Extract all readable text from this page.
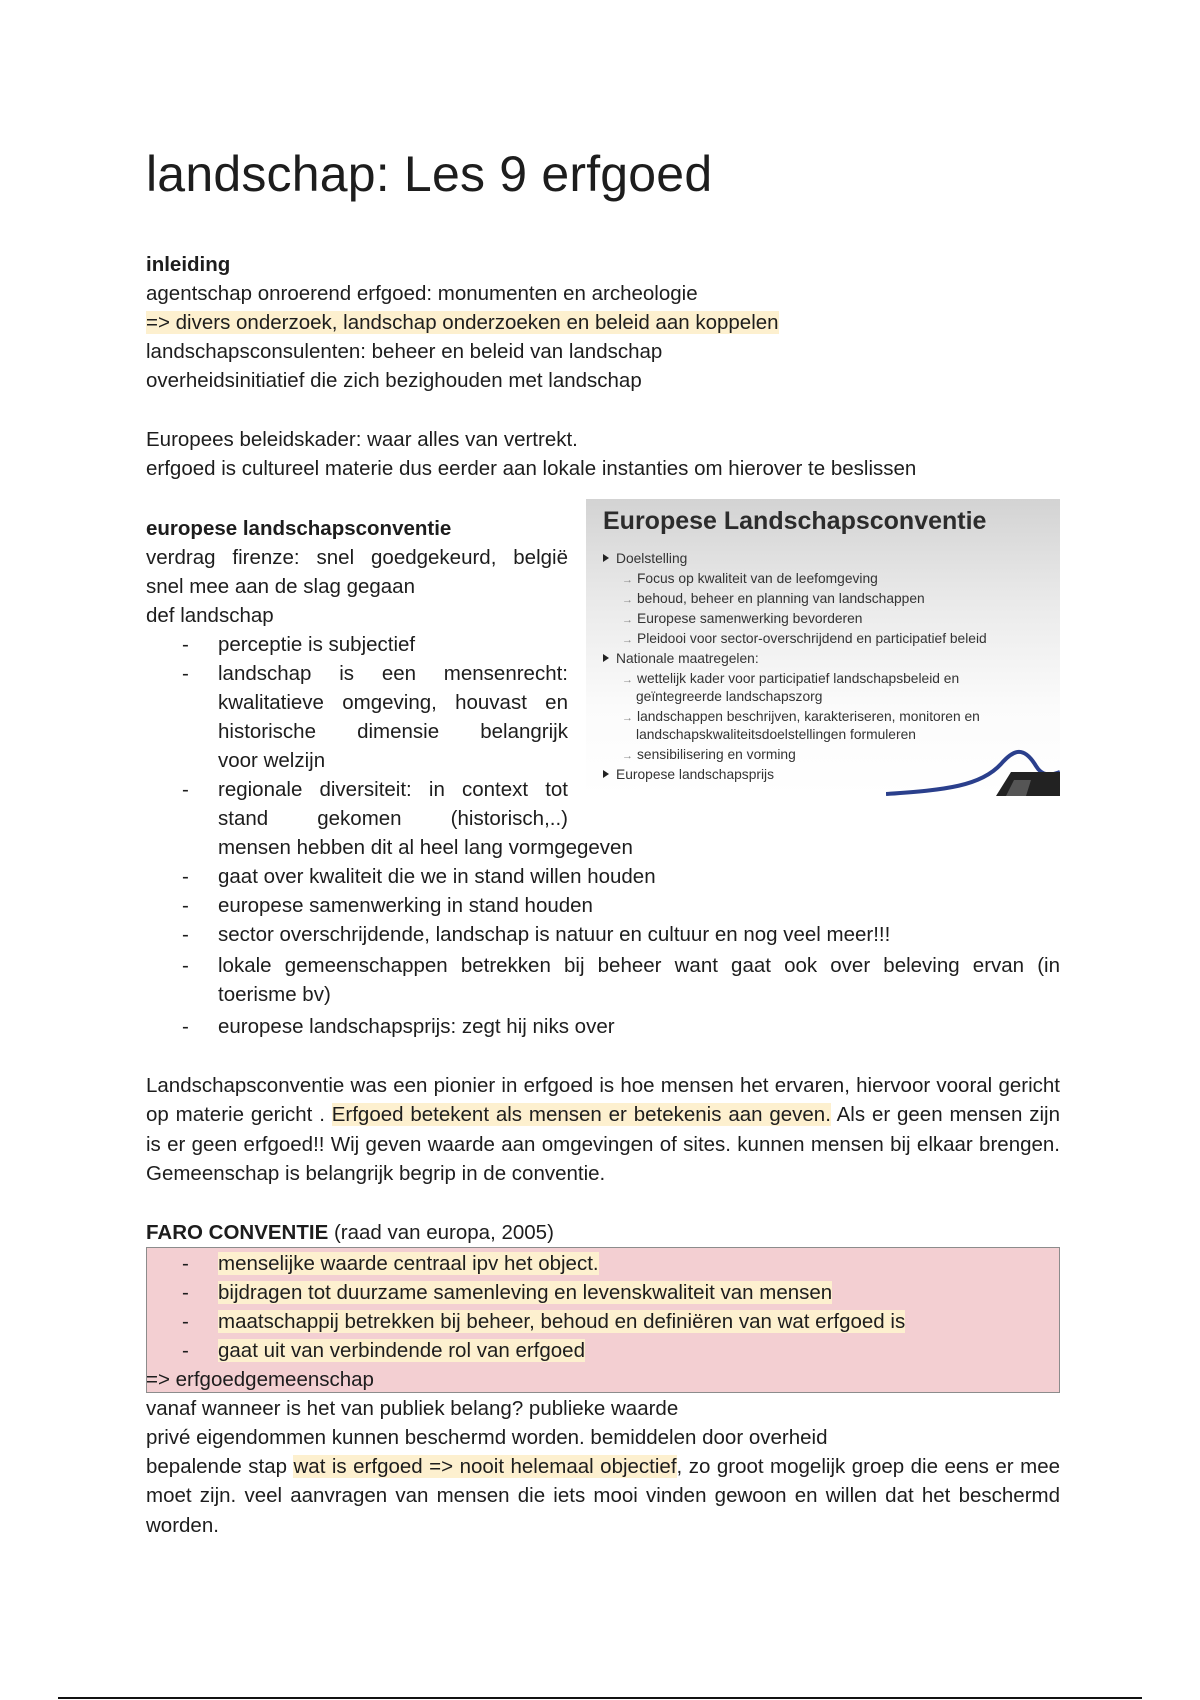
landschap: Les 9 erfgoed
inleiding
agentschap onroerend erfgoed: monumenten en archeologie
=> divers onderzoek, landschap onderzoeken en beleid aan koppelen
landschapsconsulenten: beheer en beleid van landschap
overheidsinitiatief die zich bezighouden met landschap
Europees beleidskader: waar alles van vertrekt.
erfgoed is cultureel materie dus eerder aan lokale instanties om hierover te beslissen
europese landschapsconventie
verdrag firenze: snel goedgekeurd, belgië
snel mee aan de slag gegaan
def landschap
- perceptie is subjectief
- landschap is een mensenrecht:
kwalitatieve omgeving, houvast en
historische dimensie belangrijk
voor welzijn
- regionale diversiteit: in context tot
stand gekomen (historisch,..)
mensen hebben dit al heel lang vormgegeven
- gaat over kwaliteit die we in stand willen houden
- europese samenwerking in stand houden
- sector overschrijdende, landschap is natuur en cultuur en nog veel meer!!!
- lokale gemeenschappen betrekken bij beheer want gaat ook over beleving ervan (in
toerisme bv)
- europese landschapsprijs: zegt hij niks over
Europese Landschapsconventie
Doelstelling
→ Focus op kwaliteit van de leefomgeving
→ behoud, beheer en planning van landschappen
→ Europese samenwerking bevorderen
→ Pleidooi voor sector-overschrijdend en participatief beleid
Nationale maatregelen:
→ wettelijk kader voor participatief landschapsbeleid en
geïntegreerde landschapszorg
→ landschappen beschrijven, karakteriseren, monitoren en
landschapskwaliteitsdoelstellingen formuleren
→ sensibilisering en vorming
Europese landschapsprijs

Landschapsconventie was een pionier in erfgoed is hoe mensen het ervaren, hiervoor vooral gericht op materie gericht . Erfgoed betekent als mensen er betekenis aan geven. Als er geen mensen zijn is er geen erfgoed!! Wij geven waarde aan omgevingen of sites. kunnen mensen bij elkaar brengen. Gemeenschap is belangrijk begrip in de conventie.

FARO CONVENTIE (raad van europa, 2005)
- menselijke waarde centraal ipv het object.
- bijdragen tot duurzame samenleving en levenskwaliteit van mensen
- maatschappij betrekken bij beheer, behoud en definiëren van wat erfgoed is
- gaat uit van verbindende rol van erfgoed
=> erfgoedgemeenschap
vanaf wanneer is het van publiek belang? publieke waarde
privé eigendommen kunnen beschermd worden. bemiddelen door overheid

bepalende stap wat is erfgoed => nooit helemaal objectief, zo groot mogelijk groep die eens er mee moet zijn. veel aanvragen van mensen die iets mooi vinden gewoon en willen dat het beschermd worden.
